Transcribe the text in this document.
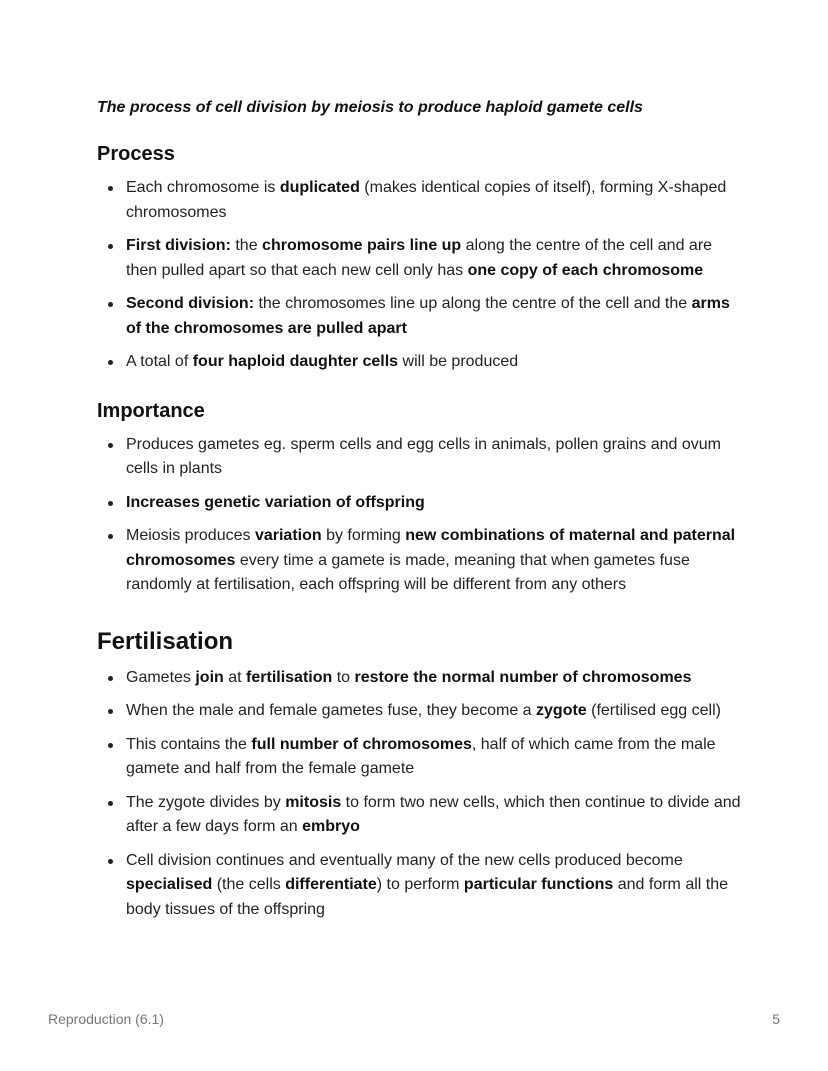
The process of cell division by meiosis to produce haploid gamete cells

Process
Each chromosome is duplicated (makes identical copies of itself), forming X-shaped chromosomes
First division: the chromosome pairs line up along the centre of the cell and are then pulled apart so that each new cell only has one copy of each chromosome
Second division: the chromosomes line up along the centre of the cell and the arms of the chromosomes are pulled apart
A total of four haploid daughter cells will be produced
Importance
Produces gametes eg. sperm cells and egg cells in animals, pollen grains and ovum cells in plants
Increases genetic variation of offspring
Meiosis produces variation by forming new combinations of maternal and paternal chromosomes every time a gamete is made, meaning that when gametes fuse randomly at fertilisation, each offspring will be different from any others
Fertilisation
Gametes join at fertilisation to restore the normal number of chromosomes
When the male and female gametes fuse, they become a zygote (fertilised egg cell)
This contains the full number of chromosomes, half of which came from the male gamete and half from the female gamete
The zygote divides by mitosis to form two new cells, which then continue to divide and after a few days form an embryo
Cell division continues and eventually many of the new cells produced become specialised (the cells differentiate) to perform particular functions and form all the body tissues of the offspring
Reproduction (6.1)	5
